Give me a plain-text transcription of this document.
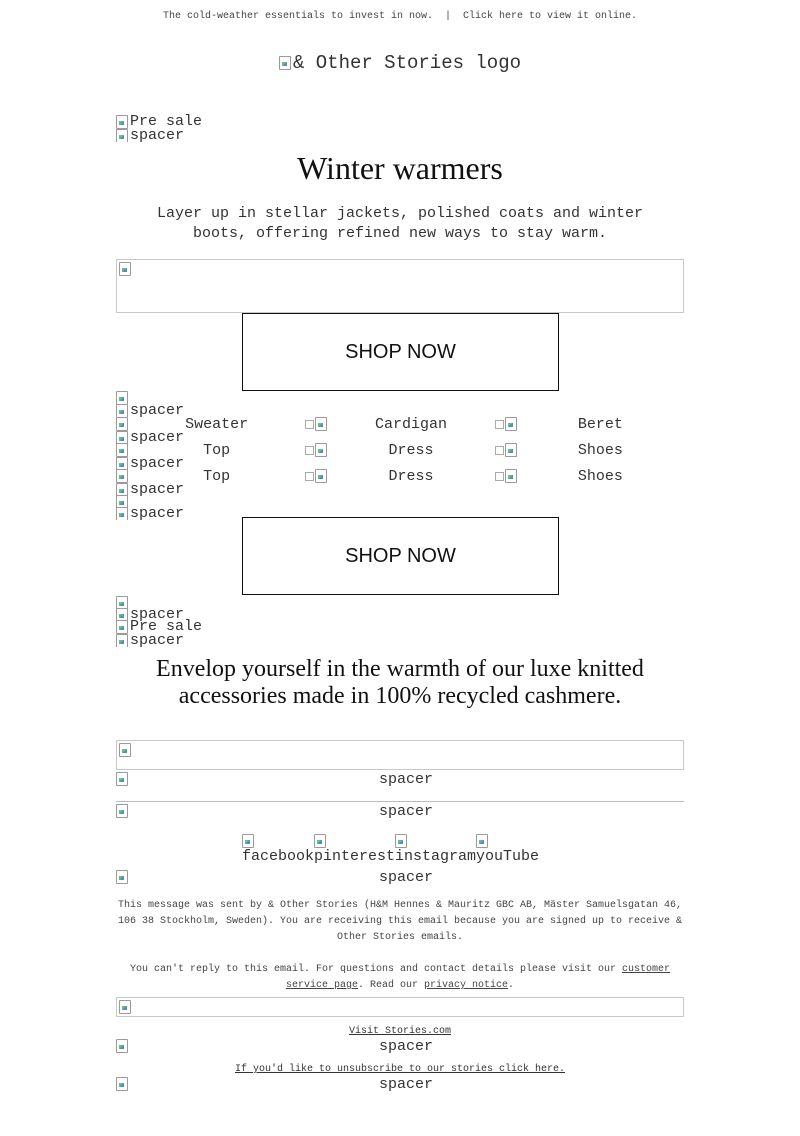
The cold-weather essentials to invest in now. | Click here to view it online.
& Other Stories logo
Pre sale
spacer
Winter warmers
Layer up in stellar jackets, polished coats and winter boots, offering refined new ways to stay warm.
SHOP NOW
spacer
Sweater	Cardigan	Beret
spacer
Top	Dress	Shoes
spacer
Top	Dress	Shoes
spacer
spacer
SHOP NOW
spacer
Pre sale
spacer
Envelop yourself in the warmth of our luxe knitted accessories made in 100% recycled cashmere.
spacer
spacer
facebook pinterest instagram youTube
spacer
This message was sent by & Other Stories (H&M Hennes & Mauritz GBC AB, Mäster Samuelsgatan 46, 106 38 Stockholm, Sweden). You are receiving this email because you are signed up to receive & Other Stories emails.
You can't reply to this email. For questions and contact details please visit our customer service page. Read our privacy notice.
Visit Stories.com
spacer
If you'd like to unsubscribe to our stories click here.
spacer
